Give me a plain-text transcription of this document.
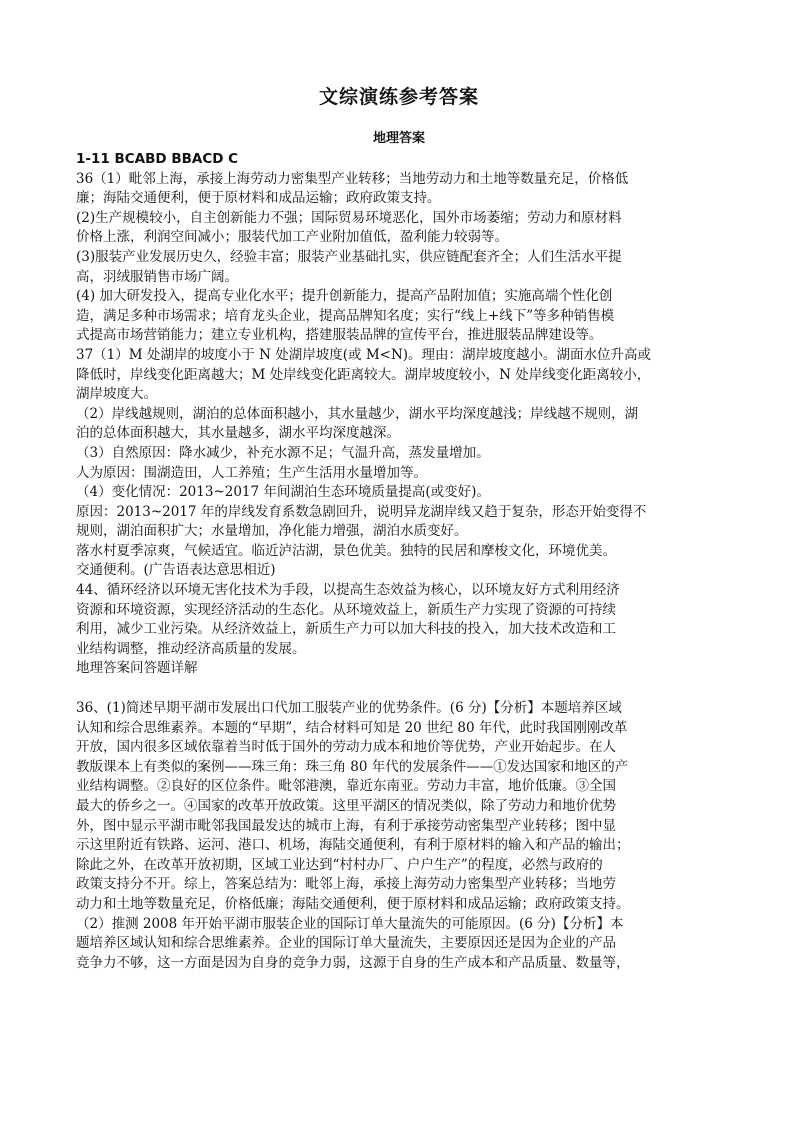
文综演练参考答案
地理答案

1-11 BCABD BBACD C

36（1）毗邻上海，承接上海劳动力密集型产业转移；当地劳动力和土地等数量充足，价格低

廉；海陆交通便利，便于原材料和成品运输；政府政策支持。

(2)生产规模较小，自主创新能力不强；国际贸易环境恶化，国外市场萎缩；劳动力和原材料

价格上涨，利润空间减小；服装代加工产业附加值低，盈利能力较弱等。

(3)服装产业发展历史久，经验丰富；服装产业基础扎实，供应链配套齐全；人们生活水平提

高，羽绒服销售市场广阔。

(4) 加大研发投入，提高专业化水平；提升创新能力，提高产品附加值；实施高端个性化创

造，满足多种市场需求；培育龙头企业，提高品牌知名度；实行“线上+线下”等多种销售模

式提高市场营销能力；建立专业机构，搭建服装品牌的宣传平台，推进服装品牌建设等。

37（1）M 处湖岸的坡度小于 N 处湖岸坡度(或 M<N)。理由：湖岸坡度越小。湖面水位升高或

降低时，岸线变化距离越大；M 处岸线变化距离较大。湖岸坡度较小，N 处岸线变化距离较小，

湖岸坡度大。

（2）岸线越规则，湖泊的总体面积越小，其水量越少，湖水平均深度越浅；岸线越不规则，湖

泊的总体面积越大，其水量越多，湖水平均深度越深。

（3）自然原因：降水减少，补充水源不足；气温升高，蒸发量增加。

人为原因：围湖造田，人工养殖；生产生活用水量增加等。

（4）变化情况：2013~2017 年间湖泊生态环境质量提高(或变好)。

原因：2013~2017 年的岸线发育系数急剧回升，说明异龙湖岸线又趋于复杂，形态开始变得不

规则，湖泊面积扩大；水量增加，净化能力增强，湖泊水质变好。

落水村夏季凉爽，气候适宜。临近泸沽湖，景色优美。独特的民居和摩梭文化，环境优美。

交通便利。(广告语表达意思相近)

44、循环经济以环境无害化技术为手段，以提高生态效益为核心，以环境友好方式利用经济

资源和环境资源，实现经济活动的生态化。从环境效益上，新质生产力实现了资源的可持续

利用，减少工业污染。从经济效益上，新质生产力可以加大科技的投入，加大技术改造和工

业结构调整，推动经济高质量的发展。

地理答案问答题详解

36、(1)简述早期平湖市发展出口代加工服装产业的优势条件。(6 分)【分析】本题培养区域

认知和综合思维素养。本题的“早期”，结合材料可知是 20 世纪 80 年代，此时我国刚刚改革

开放，国内很多区域依靠着当时低于国外的劳动力成本和地价等优势，产业开始起步。在人

教版课本上有类似的案例——珠三角：珠三角 80 年代的发展条件——①发达国家和地区的产

业结构调整。②良好的区位条件。毗邻港澳，靠近东南亚。劳动力丰富，地价低廉。③全国

最大的侨乡之一。④国家的改革开放政策。这里平湖区的情况类似，除了劳动力和地价优势

外，图中显示平湖市毗邻我国最发达的城市上海，有利于承接劳动密集型产业转移；图中显

示这里附近有铁路、运河、港口、机场，海陆交通便利，有利于原材料的输入和产品的输出；

除此之外，在改革开放初期，区域工业达到“村村办厂、户户生产”的程度，必然与政府的

政策支持分不开。综上，答案总结为：毗邻上海，承接上海劳动力密集型产业转移；当地劳

动力和土地等数量充足，价格低廉；海陆交通便利，便于原材料和成品运输；政府政策支持。

（2）推测 2008 年开始平湖市服装企业的国际订单大量流失的可能原因。(6 分)【分析】本

题培养区域认知和综合思维素养。企业的国际订单大量流失，主要原因还是因为企业的产品

竞争力不够，这一方面是因为自身的竞争力弱，这源于自身的生产成本和产品质量、数量等，
